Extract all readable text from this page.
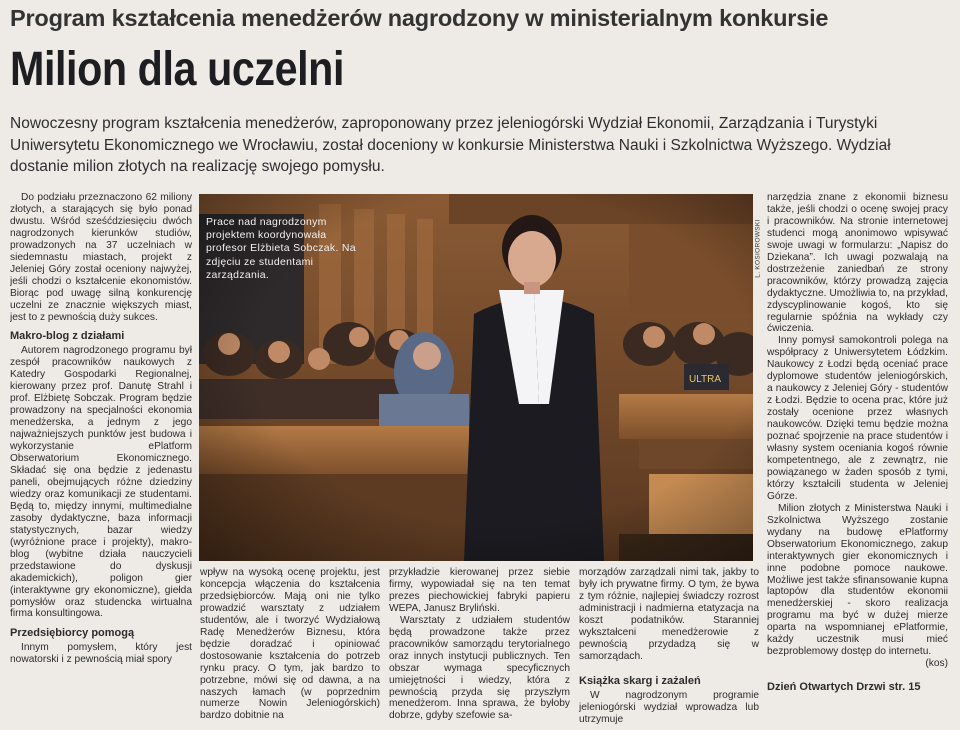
Program kształcenia menedżerów nagrodzony w ministerialnym konkursie
Milion dla uczelni
Nowoczesny program kształcenia menedżerów, zaproponowany przez jeleniogórski Wydział Ekonomii, Zarządzania i Turystyki Uniwersytetu Ekonomicznego we Wrocławiu, został doceniony w konkursie Ministerstwa Nauki i Szkolnictwa Wyższego. Wydział dostanie milion złotych na realizację swojego pomysłu.

Do podziału przeznaczono 62 miliony złotych, a starających się było ponad dwustu. Wśród sześćdziesięciu dwóch nagrodzonych kierunków studiów, prowadzonych na 37 uczelniach w siedemnastu miastach, projekt z Jeleniej Góry został oceniony najwyżej, jeśli chodzi o kształcenie ekonomistów. Biorąc pod uwagę silną konkurencję uczelni ze znacznie większych miast, jest to z pewnością duży sukces.

Makro-blog z działami

Autorem nagrodzonego programu był zespół pracowników naukowych z Katedry Gospodarki Regionalnej, kierowany przez prof. Danutę Strahl i prof. Elżbietę Sobczak. Program będzie prowadzony na specjalności ekonomia menedżerska, a jednym z jego najważniejszych punktów jest budowa i wykorzystanie ePlatform Obserwatorium Ekonomicznego. Składać się ona będzie z jedenastu paneli, obejmujących różne dziedziny wiedzy oraz komunikacji ze studentami. Będą to, między innymi, multimedialne zasoby dydaktyczne, baza informacji statystycznych, bazar wiedzy (wyróżnione prace i projekty), makro-blog (wybitne działa nauczycieli przedstawione do dyskusji akademickich), poligon gier (interaktywne gry ekonomiczne), giełda pomysłów oraz studencka wirtualna firma konsultingowa.

Przedsiębiorcy pomogą

Innym pomysłem, który jest nowatorski i z pewnością miał spory

Prace nad nagrodzonym projektem koordynowała profesor Elżbieta Sobczak. Na zdjęciu ze studentami zarządzania.	L. KOSIOROWSKI

wpływ na wysoką ocenę projektu, jest koncepcja włączenia do kształcenia przedsiębiorców. Mają oni nie tylko prowadzić warsztaty z udziałem studentów, ale i tworzyć Wydziałową Radę Menedżerów Biznesu, która będzie doradzać i opiniować dostosowanie kształcenia do potrzeb rynku pracy. O tym, jak bardzo to potrzebne, mówi się od dawna, a na naszych łamach (w poprzednim numerze Nowin Jeleniogórskich) bardzo dobitnie na

przykładzie kierowanej przez siebie firmy, wypowiadał się na ten temat prezes piechowickiej fabryki papieru WEPA, Janusz Bryliński.

Warsztaty z udziałem studentów będą prowadzone także przez pracowników samorządu terytorialnego oraz innych instytucji publicznych. Ten obszar wymaga specyficznych umiejętności i wiedzy, która z pewnością przyda się przyszłym menedżerom. Inna sprawa, że byłoby dobrze, gdyby szefowie sa-

morządów zarządzali nimi tak, jakby to były ich prywatne firmy. O tym, że bywa z tym różnie, najlepiej świadczy rozrost administracji i nadmierna etatyzacja na koszt podatników. Staranniej wykształceni menedżerowie z pewnością przydadzą się w samorządach.

Książka skarg i zażaleń

W nagrodzonym programie jeleniogórski wydział wprowadza lub utrzymuje

narzędzia znane z ekonomii biznesu także, jeśli chodzi o ocenę swojej pracy i pracowników. Na stronie internetowej studenci mogą anonimowo wpisywać swoje uwagi w formularzu: „Napisz do Dziekana”. Ich uwagi pozwalają na dostrzeżenie zaniedbań ze strony pracowników, którzy prowadzą zajęcia dydaktyczne. Umożliwia to, na przykład, zdyscyplinowanie kogoś, kto się regularnie spóźnia na wykłady czy ćwiczenia.

Inny pomysł samokontroli polega na współpracy z Uniwersytetem Łódzkim. Naukowcy z Łodzi będą oceniać prace dyplomowe studentów jeleniogórskich, a naukowcy z Jeleniej Góry - studentów z Łodzi. Będzie to ocena prac, które już zostały ocenione przez własnych naukowców. Dzięki temu będzie można poznać spojrzenie na prace studentów i własny system oceniania kogoś równie kompetentnego, ale z zewnątrz, nie powiązanego w żaden sposób z tymi, którzy kształcili studenta w Jeleniej Górze.

Milion złotych z Ministerstwa Nauki i Szkolnictwa Wyższego zostanie wydany na budowę ePlatformy Obserwatorium Ekonomicznego, zakup interaktywnych gier ekonomicznych i inne podobne pomoce naukowe. Możliwe jest także sfinansowanie kupna laptopów dla studentów ekonomii menedżerskiej - skoro realizacja programu ma być w dużej mierze oparta na wspomnianej ePlatformie, każdy uczestnik musi mieć bezproblemowy dostęp do internetu.

(kos)

Dzień Otwartych Drzwi str. 15
